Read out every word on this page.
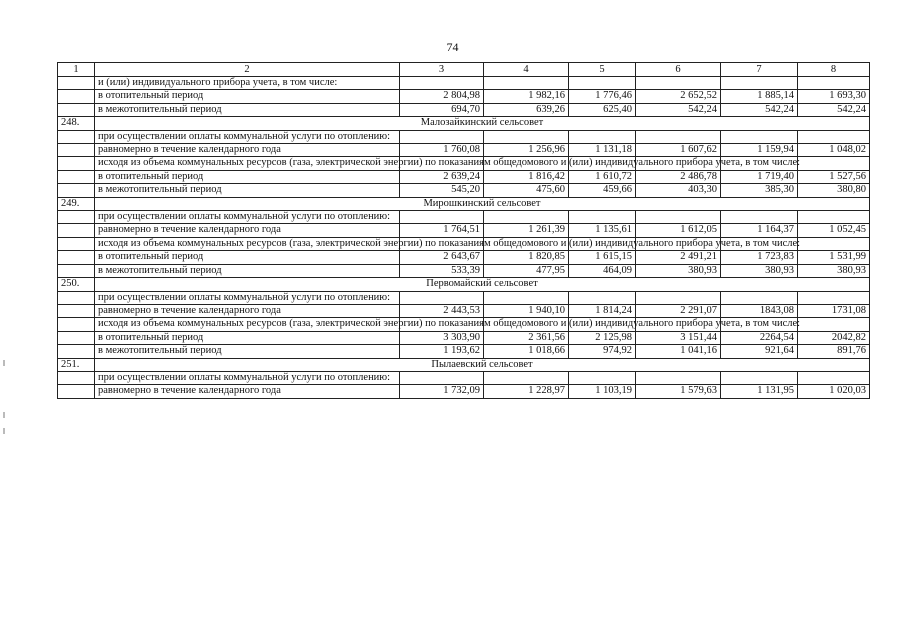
74
1	2	3	4	5	6	7	8
	и (или) индивидуального прибора учета, в том числе:						
	в отопительный период	2 804,98	1 982,16	1 776,46	2 652,52	1 885,14	1 693,30
	в межотопительный период	694,70	639,26	625,40	542,24	542,24	542,24
248.	Малозайкинский сельсовет						
	при осуществлении оплаты коммунальной услуги по отоплению:						
	равномерно в течение календарного года	1 760,08	1 256,96	1 131,18	1 607,62	1 159,94	1 048,02
	исходя из объема коммунальных ресурсов (газа, электрической энергии) по показаниям общедомового и (или) индивидуального прибора учета, в том числе:						
	в отопительный период	2 639,24	1 816,42	1 610,72	2 486,78	1 719,40	1 527,56
	в межотопительный период	545,20	475,60	459,66	403,30	385,30	380,80
249.	Мирошкинский сельсовет						
	при осуществлении оплаты коммунальной услуги по отоплению:						
	равномерно в течение календарного года	1 764,51	1 261,39	1 135,61	1 612,05	1 164,37	1 052,45
	исходя из объема коммунальных ресурсов (газа, электрической энергии) по показаниям общедомового и (или) индивидуального прибора учета, в том числе:						
	в отопительный период	2 643,67	1 820,85	1 615,15	2 491,21	1 723,83	1 531,99
	в межотопительный период	533,39	477,95	464,09	380,93	380,93	380,93
250.	Первомайский сельсовет						
	при осуществлении оплаты коммунальной услуги по отоплению:						
	равномерно в течение календарного года	2 443,53	1 940,10	1 814,24	2 291,07	1843,08	1731,08
	исходя из объема коммунальных ресурсов (газа, электрической энергии) по показаниям общедомового и (или) индивидуального прибора учета, в том числе:						
	в отопительный период	3 303,90	2 361,56	2 125,98	3 151,44	2264,54	2042,82
	в межотопительный период	1 193,62	1 018,66	974,92	1 041,16	921,64	891,76
251.	Пылаевский сельсовет						
	при осуществлении оплаты коммунальной услуги по отоплению:						
	равномерно в течение календарного года	1 732,09	1 228,97	1 103,19	1 579,63	1 131,95	1 020,03
